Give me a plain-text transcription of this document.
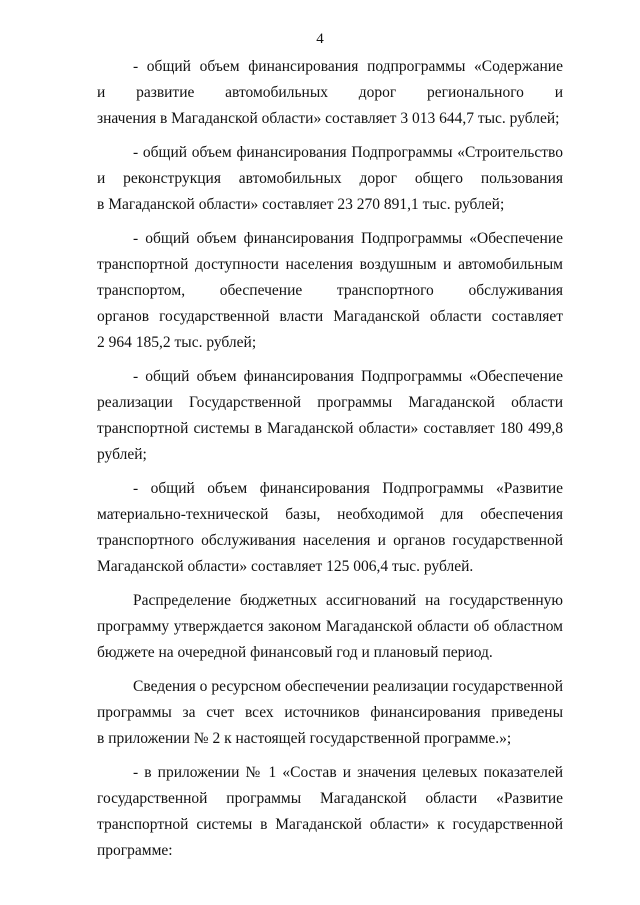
4
- общий объем финансирования подпрограммы «Содержание
и развитие автомобильных дорог регионального и
значения в Магаданской области» составляет 3 013 644,7 тыс. рублей;
- общий объем финансирования Подпрограммы «Строительство
и реконструкция автомобильных дорог общего пользования
в Магаданской области» составляет 23 270 891,1 тыс. рублей;
- общий объем финансирования Подпрограммы «Обеспечение
транспортной доступности населения воздушным и автомобильным
транспортом, обеспечение транспортного обслуживания
органов государственной власти Магаданской области составляет
2 964 185,2 тыс. рублей;
- общий объем финансирования Подпрограммы «Обеспечение
реализации Государственной программы Магаданской области
транспортной системы в Магаданской области» составляет 180 499,8
рублей;
- общий объем финансирования Подпрограммы «Развитие
материально-технической базы, необходимой для обеспечения
транспортного обслуживания населения и органов государственной
Магаданской области» составляет 125 006,4 тыс. рублей.
Распределение бюджетных ассигнований на государственную
программу утверждается законом Магаданской области об областном
бюджете на очередной финансовый год и плановый период.
Сведения о ресурсном обеспечении реализации государственной
программы за счет всех источников финансирования приведены
в приложении № 2 к настоящей государственной программе.»;
- в приложении № 1 «Состав и значения целевых показателей
государственной программы Магаданской области «Развитие
транспортной системы в Магаданской области» к государственной
программе:
